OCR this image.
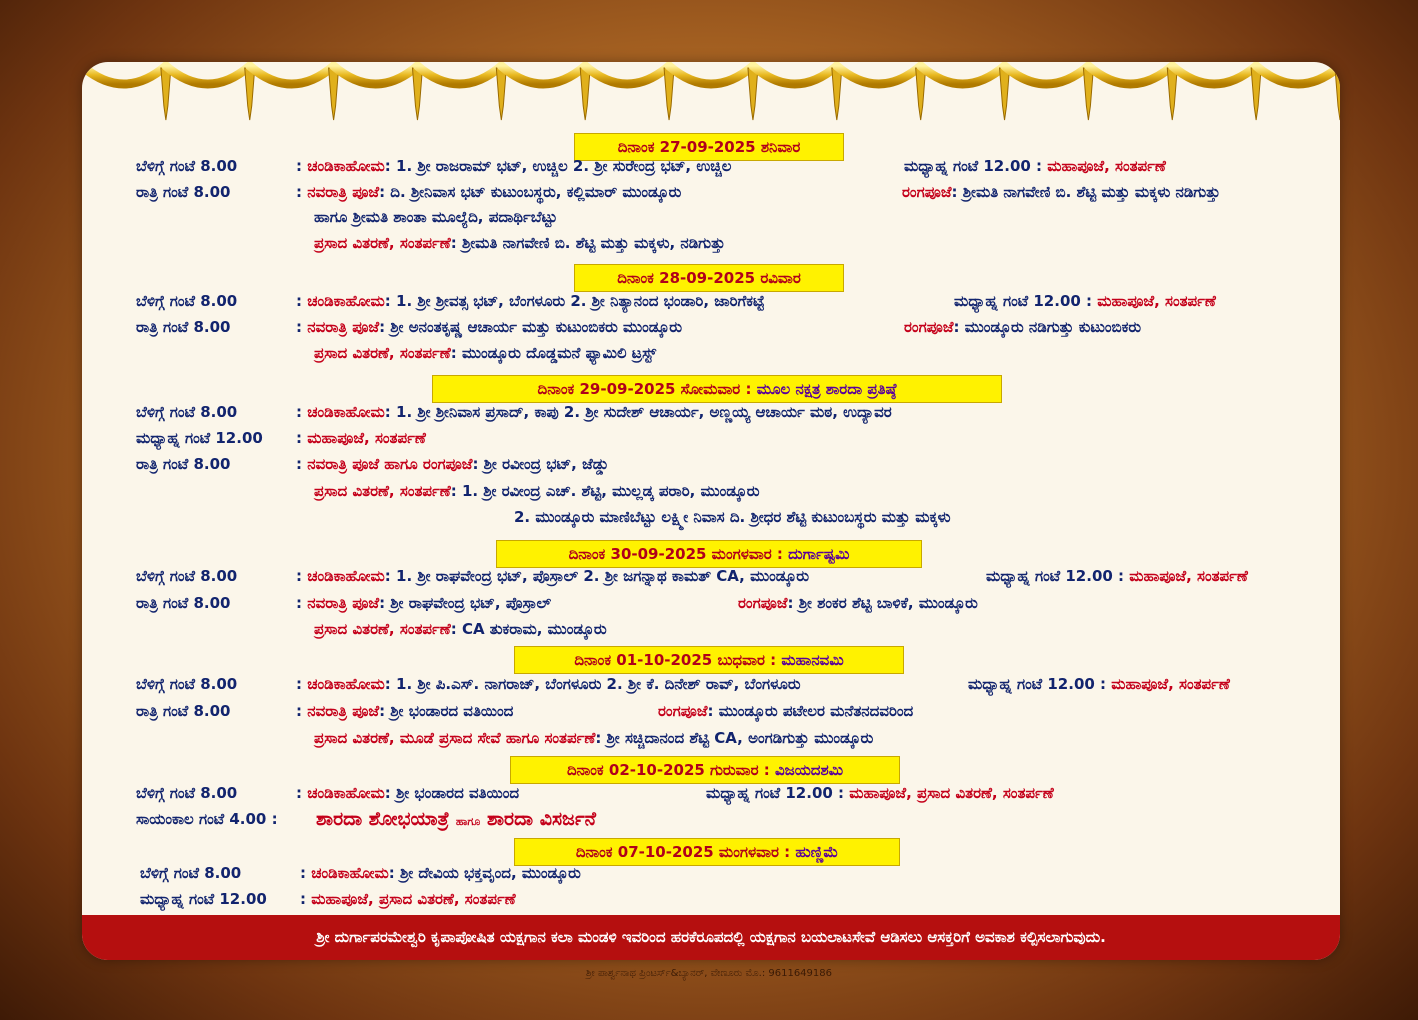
ದಿನಾಂಕ 27-09-2025 ಶನಿವಾರ
ಬೆಳಿಗ್ಗೆ ಗಂಟೆ 8.00	: ಚಂಡಿಕಾಹೋಮ: 1. ಶ್ರೀ ರಾಜರಾಮ್ ಭಟ್, ಉಚ್ಚಿಲ 2. ಶ್ರೀ ಸುರೇಂದ್ರ ಭಟ್, ಉಚ್ಚಿಲ	ಮಧ್ಯಾಹ್ನ ಗಂಟೆ 12.00 : ಮಹಾಪೂಜೆ, ಸಂತರ್ಪಣೆ
ರಾತ್ರಿ ಗಂಟೆ 8.00	: ನವರಾತ್ರಿ ಪೂಜೆ: ದಿ. ಶ್ರೀನಿವಾಸ ಭಟ್ ಕುಟುಂಬಸ್ಥರು, ಕಲ್ಲಿಮಾರ್ ಮುಂಡ್ಕೂರು	ರಂಗಪೂಜೆ: ಶ್ರೀಮತಿ ನಾಗವೇಣಿ ಬಿ. ಶೆಟ್ಟಿ ಮತ್ತು ಮಕ್ಕಳು ನಡಿಗುತ್ತು
ಹಾಗೂ ಶ್ರೀಮತಿ ಶಾಂತಾ ಮೂಲ್ಯೆದಿ, ಪದಾರ್ಥಿಬೆಟ್ಟು
ಪ್ರಸಾದ ವಿತರಣೆ, ಸಂತರ್ಪಣೆ: ಶ್ರೀಮತಿ ನಾಗವೇಣಿ ಬಿ. ಶೆಟ್ಟಿ ಮತ್ತು ಮಕ್ಕಳು, ನಡಿಗುತ್ತು
ದಿನಾಂಕ 28-09-2025 ರವಿವಾರ
ಬೆಳಿಗ್ಗೆ ಗಂಟೆ 8.00	: ಚಂಡಿಕಾಹೋಮ: 1. ಶ್ರೀ ಶ್ರೀವತ್ಸ ಭಟ್, ಬೆಂಗಳೂರು 2. ಶ್ರೀ ನಿತ್ಯಾನಂದ ಭಂಡಾರಿ, ಜಾರಿಗೆಕಟ್ಟೆ	ಮಧ್ಯಾಹ್ನ ಗಂಟೆ 12.00 : ಮಹಾಪೂಜೆ, ಸಂತರ್ಪಣೆ
ರಾತ್ರಿ ಗಂಟೆ 8.00	: ನವರಾತ್ರಿ ಪೂಜೆ: ಶ್ರೀ ಅನಂತಕೃಷ್ಣ ಆಚಾರ್ಯ ಮತ್ತು ಕುಟುಂಬಿಕರು ಮುಂಡ್ಕೂರು	ರಂಗಪೂಜೆ: ಮುಂಡ್ಕೂರು ನಡಿಗುತ್ತು ಕುಟುಂಬಿಕರು
ಪ್ರಸಾದ ವಿತರಣೆ, ಸಂತರ್ಪಣೆ: ಮುಂಡ್ಕೂರು ದೊಡ್ಡಮನೆ ಫ್ಯಾಮಿಲಿ ಟ್ರಸ್ಟ್
ದಿನಾಂಕ 29-09-2025 ಸೋಮವಾರ : ಮೂಲ ನಕ್ಷತ್ರ ಶಾರದಾ ಪ್ರತಿಷ್ಠೆ
ಬೆಳಿಗ್ಗೆ ಗಂಟೆ 8.00	: ಚಂಡಿಕಾಹೋಮ: 1. ಶ್ರೀ ಶ್ರೀನಿವಾಸ ಪ್ರಸಾದ್, ಕಾಪು 2. ಶ್ರೀ ಸುದೇಶ್ ಆಚಾರ್ಯ, ಅಣ್ಣಯ್ಯ ಆಚಾರ್ಯ ಮಠ, ಉದ್ಯಾವರ
ಮಧ್ಯಾಹ್ನ ಗಂಟೆ 12.00 : ಮಹಾಪೂಜೆ, ಸಂತರ್ಪಣೆ
ರಾತ್ರಿ ಗಂಟೆ 8.00	: ನವರಾತ್ರಿ ಪೂಜೆ ಹಾಗೂ ರಂಗಪೂಜೆ: ಶ್ರೀ ರವೀಂದ್ರ ಭಟ್, ಜೆಡ್ಡು
ಪ್ರಸಾದ ವಿತರಣೆ, ಸಂತರ್ಪಣೆ: 1. ಶ್ರೀ ರವೀಂದ್ರ ಎಚ್. ಶೆಟ್ಟಿ, ಮುಲ್ಲಡ್ಕ ಪರಾರಿ, ಮುಂಡ್ಕೂರು
2. ಮುಂಡ್ಕೂರು ಮಾಣಿಬೆಟ್ಟು ಲಕ್ಷ್ಮೀ ನಿವಾಸ ದಿ. ಶ್ರೀಧರ ಶೆಟ್ಟಿ ಕುಟುಂಬಸ್ಥರು ಮತ್ತು ಮಕ್ಕಳು
ದಿನಾಂಕ 30-09-2025 ಮಂಗಳವಾರ : ದುರ್ಗಾಷ್ಟಮಿ
ಬೆಳಿಗ್ಗೆ ಗಂಟೆ 8.00	: ಚಂಡಿಕಾಹೋಮ: 1. ಶ್ರೀ ರಾಘವೇಂದ್ರ ಭಟ್, ಪೊಸ್ರಾಲ್ 2. ಶ್ರೀ ಜಗನ್ನಾಥ ಕಾಮತ್ CA, ಮುಂಡ್ಕೂರು	ಮಧ್ಯಾಹ್ನ ಗಂಟೆ 12.00 : ಮಹಾಪೂಜೆ, ಸಂತರ್ಪಣೆ
ರಾತ್ರಿ ಗಂಟೆ 8.00	: ನವರಾತ್ರಿ ಪೂಜೆ: ಶ್ರೀ ರಾಘವೇಂದ್ರ ಭಟ್, ಪೊಸ್ರಾಲ್	ರಂಗಪೂಜೆ: ಶ್ರೀ ಶಂಕರ ಶೆಟ್ಟಿ ಬಾಳಿಕೆ, ಮುಂಡ್ಕೂರು
ಪ್ರಸಾದ ವಿತರಣೆ, ಸಂತರ್ಪಣೆ: CA ತುಕರಾಮ, ಮುಂಡ್ಕೂರು
ದಿನಾಂಕ 01-10-2025 ಬುಧವಾರ : ಮಹಾನವಮಿ
ಬೆಳಿಗ್ಗೆ ಗಂಟೆ 8.00	: ಚಂಡಿಕಾಹೋಮ: 1. ಶ್ರೀ ಪಿ.ಎಸ್. ನಾಗರಾಜ್, ಬೆಂಗಳೂರು 2. ಶ್ರೀ ಕೆ. ದಿನೇಶ್ ರಾವ್, ಬೆಂಗಳೂರು	ಮಧ್ಯಾಹ್ನ ಗಂಟೆ 12.00 : ಮಹಾಪೂಜೆ, ಸಂತರ್ಪಣೆ
ರಾತ್ರಿ ಗಂಟೆ 8.00	: ನವರಾತ್ರಿ ಪೂಜೆ: ಶ್ರೀ ಭಂಡಾರದ ವತಿಯಿಂದ	ರಂಗಪೂಜೆ: ಮುಂಡ್ಕೂರು ಪಟೇಲರ ಮನೆತನದವರಿಂದ
ಪ್ರಸಾದ ವಿತರಣೆ, ಮೂಡೆ ಪ್ರಸಾದ ಸೇವೆ ಹಾಗೂ ಸಂತರ್ಪಣೆ: ಶ್ರೀ ಸಚ್ಚಿದಾನಂದ ಶೆಟ್ಟಿ CA, ಅಂಗಡಿಗುತ್ತು ಮುಂಡ್ಕೂರು
ದಿನಾಂಕ 02-10-2025 ಗುರುವಾರ : ವಿಜಯದಶಮಿ
ಬೆಳಿಗ್ಗೆ ಗಂಟೆ 8.00	: ಚಂಡಿಕಾಹೋಮ: ಶ್ರೀ ಭಂಡಾರದ ವತಿಯಿಂದ	ಮಧ್ಯಾಹ್ನ ಗಂಟೆ 12.00 : ಮಹಾಪೂಜೆ, ಪ್ರಸಾದ ವಿತರಣೆ, ಸಂತರ್ಪಣೆ
ಸಾಯಂಕಾಲ ಗಂಟೆ 4.00 : ಶಾರದಾ ಶೋಭಯಾತ್ರೆ ಹಾಗೂ ಶಾರದಾ ವಿಸರ್ಜನೆ
ದಿನಾಂಕ 07-10-2025 ಮಂಗಳವಾರ : ಹುಣ್ಣಿಮೆ
ಬೆಳಿಗ್ಗೆ ಗಂಟೆ 8.00	: ಚಂಡಿಕಾಹೋಮ: ಶ್ರೀ ದೇವಿಯ ಭಕ್ತವೃಂದ, ಮುಂಡ್ಕೂರು
ಮಧ್ಯಾಹ್ನ ಗಂಟೆ 12.00 : ಮಹಾಪೂಜೆ, ಪ್ರಸಾದ ವಿತರಣೆ, ಸಂತರ್ಪಣೆ
ಶ್ರೀ ದುರ್ಗಾಪರಮೇಶ್ವರಿ ಕೃಪಾಪೋಷಿತ ಯಕ್ಷಗಾನ ಕಲಾ ಮಂಡಳಿ ಇವರಿಂದ ಹರಕೆರೂಪದಲ್ಲಿ ಯಕ್ಷಗಾನ ಬಯಲಾಟಸೇವೆ ಆಡಿಸಲು ಆಸಕ್ತರಿಗೆ ಅವಕಾಶ ಕಲ್ಪಿಸಲಾಗುವುದು.
ಶ್ರೀ ಪಾರ್ಶ್ವನಾಥ ಪ್ರಿಂಟರ್ಸ್&ಬ್ಯಾನರ್, ವೇಣೂರು ಮೊ.: 9611649186
